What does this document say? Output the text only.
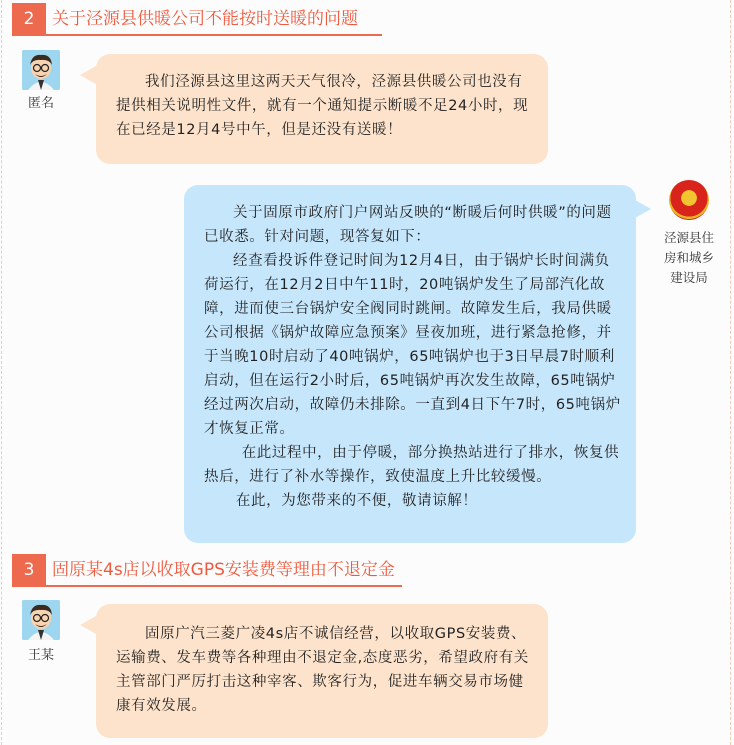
2	关于泾源县供暖公司不能按时送暖的问题
匿名

我们泾源县这里这两天天气很冷，泾源县供暖公司也没有提供相关说明性文件，就有一个通知提示断暖不足24小时，现在已经是12月4号中午，但是还没有送暖！

泾源县住
房和城乡
建设局

关于固原市政府门户网站反映的“断暖后何时供暖”的问题已收悉。针对问题，现答复如下：

经查看投诉件登记时间为12月4日，由于锅炉长时间满负荷运行，在12月2日中午11时，20吨锅炉发生了局部汽化故障，进而使三台锅炉安全阀同时跳闸。故障发生后，我局供暖公司根据《锅炉故障应急预案》昼夜加班，进行紧急抢修，并于当晚10时启动了40吨锅炉，65吨锅炉也于3日早晨7时顺利启动，但在运行2小时后，65吨锅炉再次发生故障，65吨锅炉经过两次启动，故障仍未排除。一直到4日下午7时，65吨锅炉才恢复正常。

在此过程中，由于停暖，部分换热站进行了排水，恢复供热后，进行了补水等操作，致使温度上升比较缓慢。

在此，为您带来的不便，敬请谅解！

3	固原某4s店以收取GPS安装费等理由不退定金
王某

固原广汽三菱广凌4s店不诚信经营，以收取GPS安装费、运输费、发车费等各种理由不退定金,态度恶劣，希望政府有关主管部门严厉打击这种宰客、欺客行为，促进车辆交易市场健康有效发展。
